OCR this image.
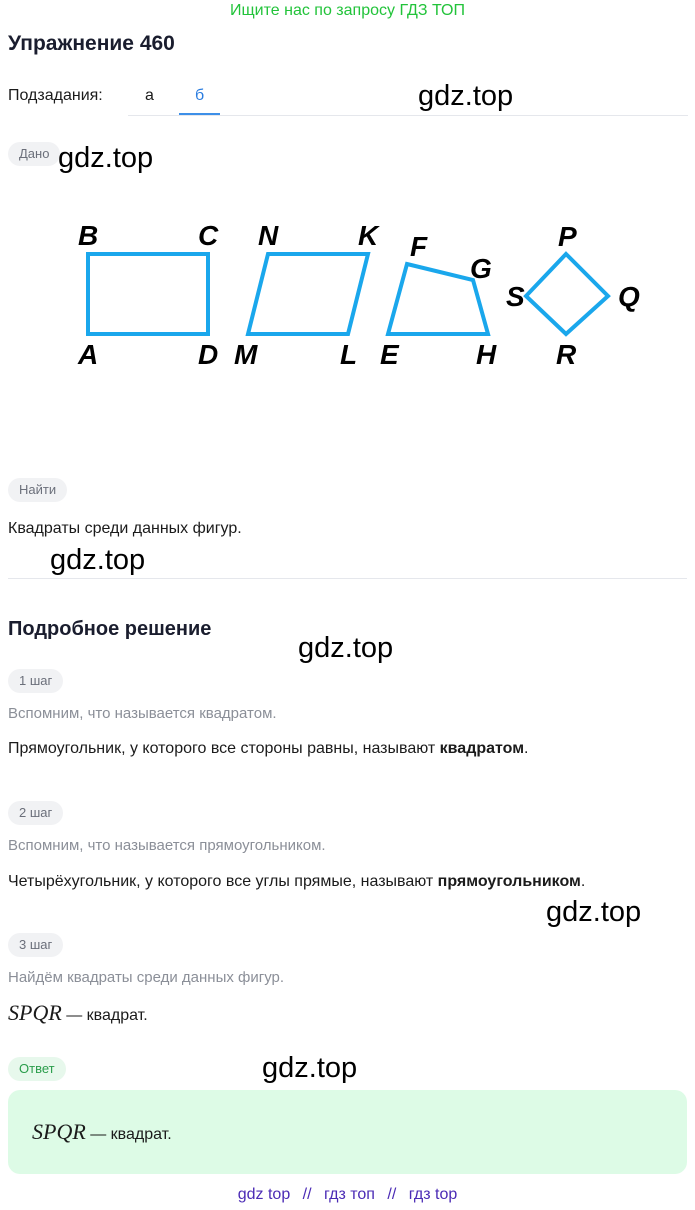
Ищите нас по запросу ГДЗ ТОП
Упражнение 460
Подзадания:	а	б	gdz.top
Дано gdz.top
B	C
A	D
N	K
M	L
F
G
E	H
P
S	Q
R
Найти
Квадраты среди данных фигур.
gdz.top
Подробное решение
gdz.top
1 шаг
Вспомним, что называется квадратом.
Прямоугольник, у которого все стороны равны, называют квадратом.
2 шаг
Вспомним, что называется прямоугольником.
Четырёхугольник, у которого все углы прямые, называют прямоугольником.
gdz.top
3 шаг
Найдём квадраты среди данных фигур.
SPQR — квадрат.
Ответ	gdz.top
SPQR — квадрат.
gdz top // гдз топ // гдз top
